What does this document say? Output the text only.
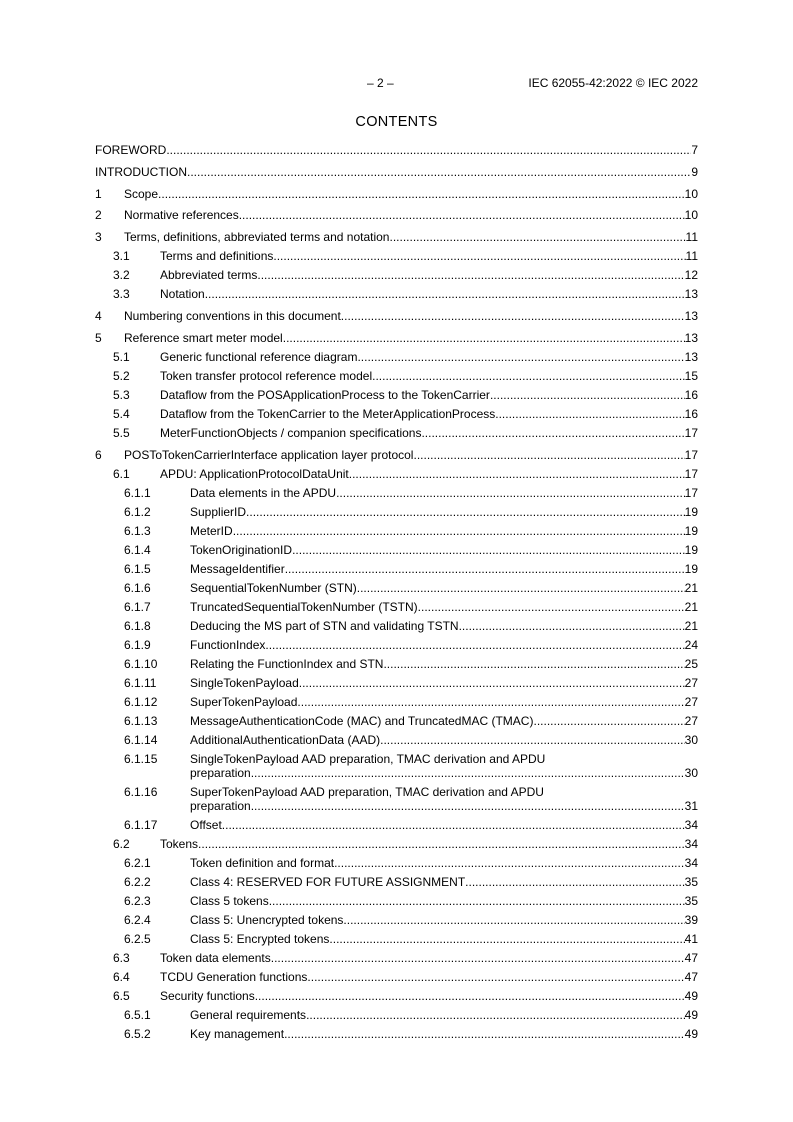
– 2 –	IEC 62055-42:2022 © IEC 2022
CONTENTS
FOREWORD .....	7
INTRODUCTION .....	9
1 Scope .....	10
2 Normative references .....	10
3 Terms, definitions, abbreviated terms and notation .....	11
3.1	Terms and definitions .....	11
3.2	Abbreviated terms .....	12
3.3	Notation .....	13
4 Numbering conventions in this document .....	13
5 Reference smart meter model .....	13
5.1	Generic functional reference diagram .....	13
5.2	Token transfer protocol reference model .....	15
5.3	Dataflow from the POSApplicationProcess to the TokenCarrier .....	16
5.4	Dataflow from the TokenCarrier to the MeterApplicationProcess .....	16
5.5	MeterFunctionObjects / companion specifications .....	17
6 POSToTokenCarrierInterface application layer protocol .....	17
6.1	APDU: ApplicationProtocolDataUnit .....	17
6.1.1	Data elements in the APDU .....	17
6.1.2	SupplierID .....	19
6.1.3	MeterID .....	19
6.1.4	TokenOriginationID .....	19
6.1.5	MessageIdentifier .....	19
6.1.6	SequentialTokenNumber (STN) .....	21
6.1.7	TruncatedSequentialTokenNumber (TSTN) .....	21
6.1.8	Deducing the MS part of STN and validating TSTN .....	21
6.1.9	FunctionIndex .....	24
6.1.10	Relating the FunctionIndex and STN .....	25
6.1.11	SingleTokenPayload .....	27
6.1.12	SuperTokenPayload .....	27
6.1.13	MessageAuthenticationCode (MAC) and TruncatedMAC (TMAC) .....	27
6.1.14	AdditionalAuthenticationData (AAD) .....	30
6.1.15	SingleTokenPayload AAD preparation, TMAC derivation and APDU
preparation .....	30
6.1.16	SuperTokenPayload AAD preparation, TMAC derivation and APDU
preparation .....	31
6.1.17	Offset .....	34
6.2	Tokens .....	34
6.2.1	Token definition and format .....	34
6.2.2	Class 4: RESERVED FOR FUTURE ASSIGNMENT .....	35
6.2.3	Class 5 tokens .....	35
6.2.4	Class 5: Unencrypted tokens .....	39
6.2.5	Class 5: Encrypted tokens .....	41
6.3	Token data elements .....	47
6.4	TCDU Generation functions .....	47
6.5	Security functions .....	49
6.5.1	General requirements .....	49
6.5.2	Key management .....	49
